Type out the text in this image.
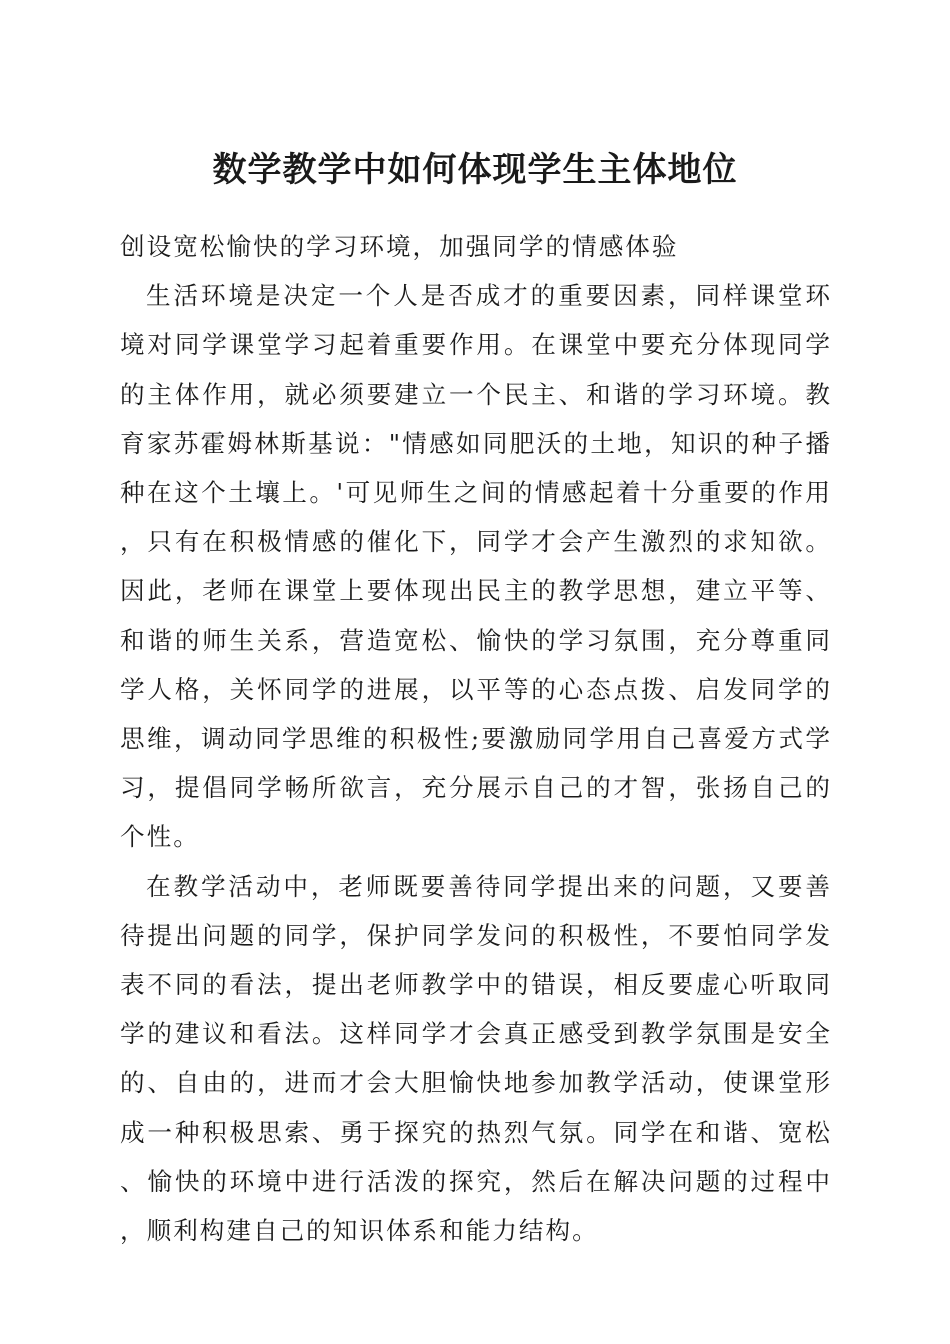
数学教学中如何体现学生主体地位

创设宽松愉快的学习环境，加强同学的情感体验

生活环境是决定一个人是否成才的重要因素，同样课堂环境对同学课堂学习起着重要作用。在课堂中要充分体现同学的主体作用，就必须要建立一个民主、和谐的学习环境。教育家苏霍姆林斯基说："情感如同肥沃的土地，知识的种子播种在这个土壤上。'可见师生之间的情感起着十分重要的作用，只有在积极情感的催化下，同学才会产生激烈的求知欲。因此，老师在课堂上要体现出民主的教学思想，建立平等、和谐的师生关系，营造宽松、愉快的学习氛围，充分尊重同学人格，关怀同学的进展，以平等的心态点拨、启发同学的思维，调动同学思维的积极性;要激励同学用自己喜爱方式学习，提倡同学畅所欲言，充分展示自己的才智，张扬自己的个性。

在教学活动中，老师既要善待同学提出来的问题，又要善待提出问题的同学，保护同学发问的积极性，不要怕同学发表不同的看法，提出老师教学中的错误，相反要虚心听取同学的建议和看法。这样同学才会真正感受到教学氛围是安全的、自由的，进而才会大胆愉快地参加教学活动，使课堂形成一种积极思索、勇于探究的热烈气氛。同学在和谐、宽松、愉快的环境中进行活泼的探究，然后在解决问题的过程中，顺利构建自己的知识体系和能力结构。
